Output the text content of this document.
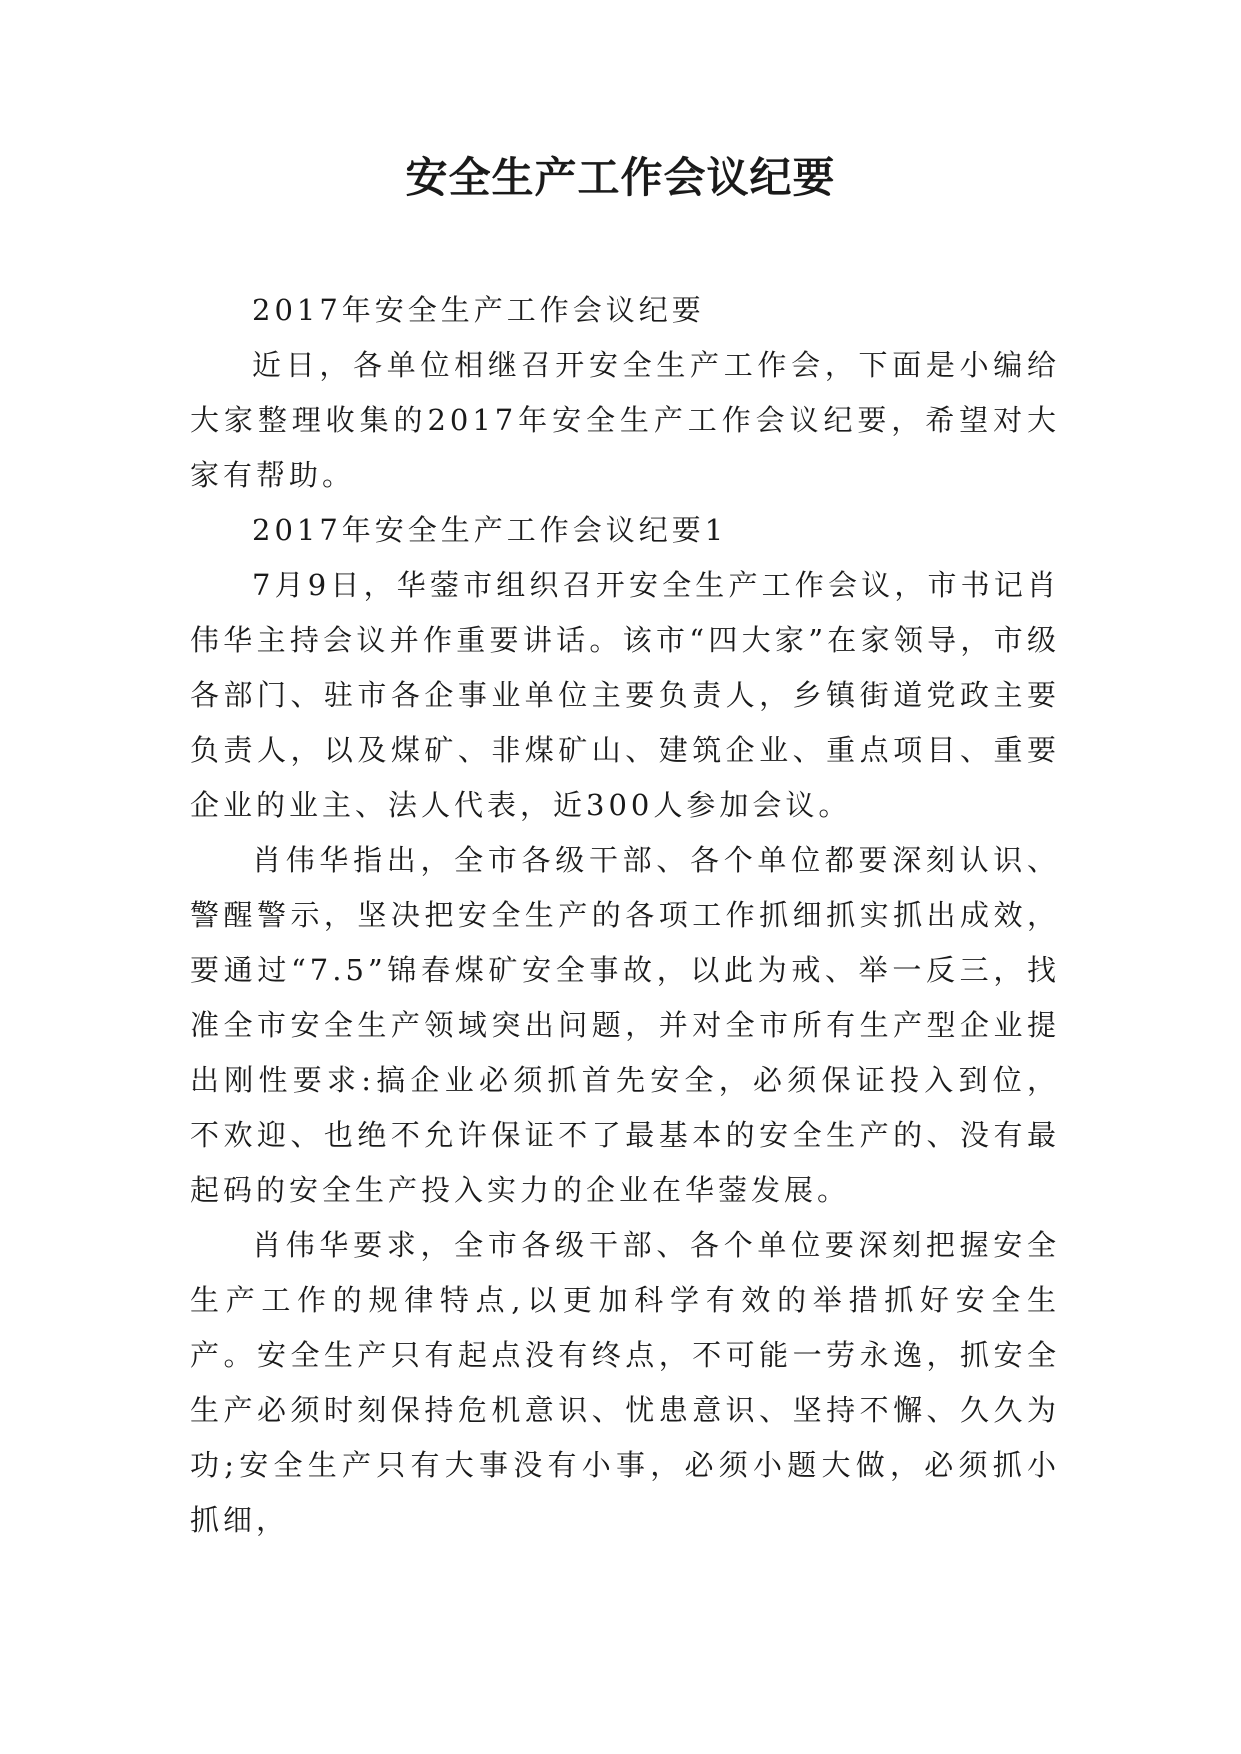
安全生产工作会议纪要

2017年安全生产工作会议纪要

近日，各单位相继召开安全生产工作会，下面是小编给大家整理收集的2017年安全生产工作会议纪要，希望对大家有帮助。

2017年安全生产工作会议纪要1

7月9日，华蓥市组织召开安全生产工作会议，市书记肖伟华主持会议并作重要讲话。该市“四大家”在家领导，市级各部门、驻市各企事业单位主要负责人，乡镇街道党政主要负责人，以及煤矿、非煤矿山、建筑企业、重点项目、重要企业的业主、法人代表，近300人参加会议。

肖伟华指出，全市各级干部、各个单位都要深刻认识、警醒警示，坚决把安全生产的各项工作抓细抓实抓出成效，要通过“7.5”锦春煤矿安全事故，以此为戒、举一反三，找准全市安全生产领域突出问题，并对全市所有生产型企业提出刚性要求:搞企业必须抓首先安全，必须保证投入到位，不欢迎、也绝不允许保证不了最基本的安全生产的、没有最起码的安全生产投入实力的企业在华蓥发展。

肖伟华要求，全市各级干部、各个单位要深刻把握安全生产工作的规律特点,以更加科学有效的举措抓好安全生产。安全生产只有起点没有终点，不可能一劳永逸，抓安全生产必须时刻保持危机意识、忧患意识、坚持不懈、久久为功;安全生产只有大事没有小事，必须小题大做，必须抓小抓细，
